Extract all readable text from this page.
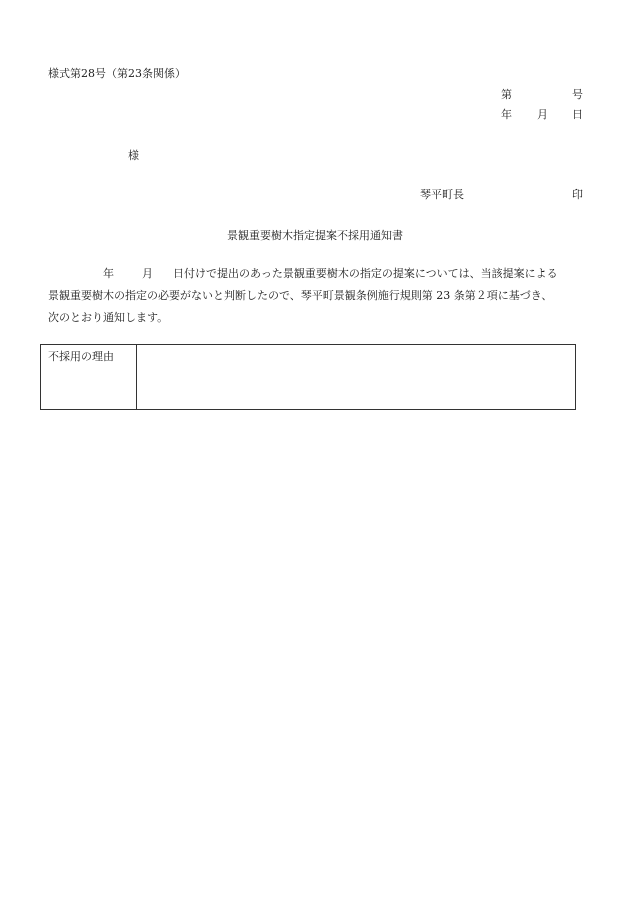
様式第28号（第23条関係）
第	号
年 月 日
様
琴平町長	印
景観重要樹木指定提案不採用通知書
年	月 日付けで提出のあった景観重要樹木の指定の提案については、当該提案による
景観重要樹木の指定の必要がないと判断したので、琴平町景観条例施行規則第 23 条第２項に基づき、
次のとおり通知します。
不採用の理由
